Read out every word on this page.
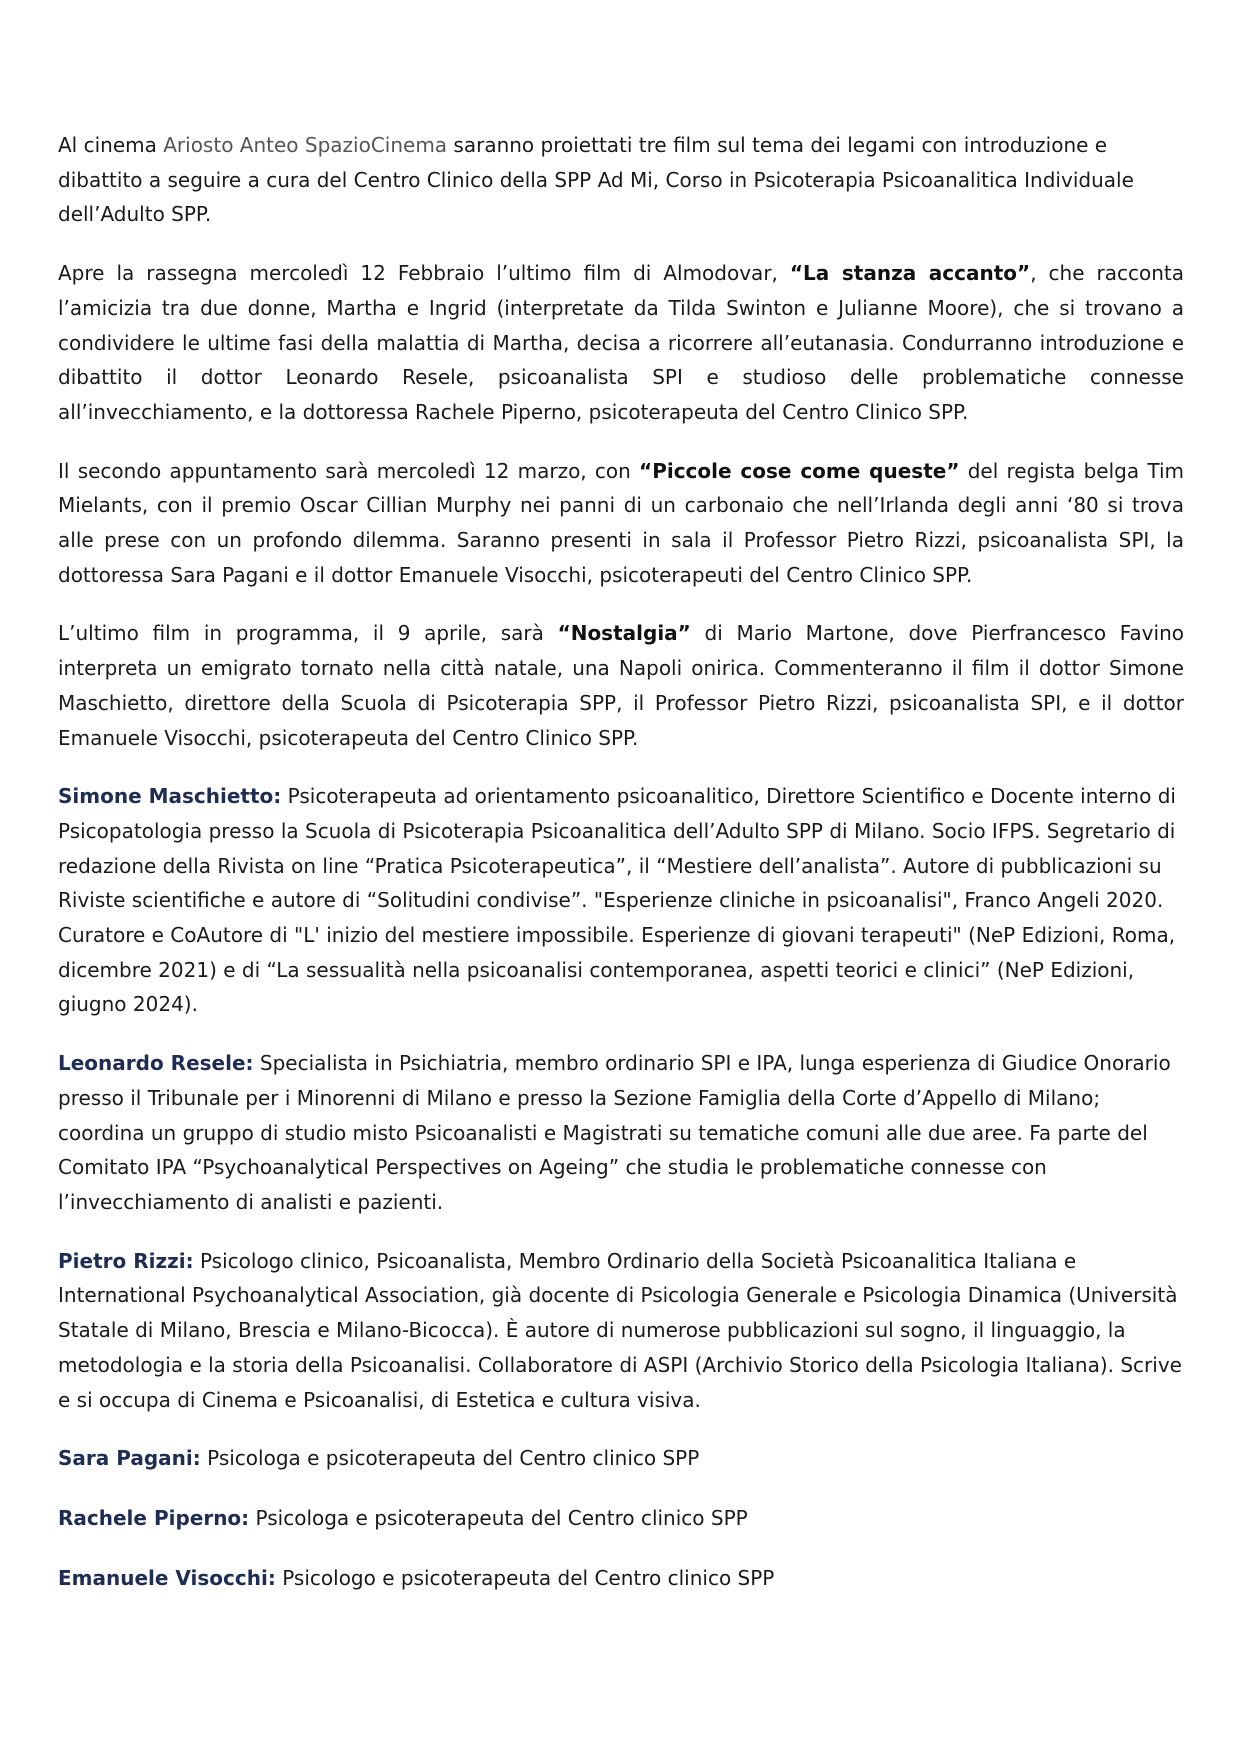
Al cinema Ariosto Anteo SpazioCinema saranno proiettati tre film sul tema dei legami con introduzione e dibattito a seguire a cura del Centro Clinico della SPP Ad Mi, Corso in Psicoterapia Psicoanalitica Individuale dell’Adulto SPP.

Apre la rassegna mercoledì 12 Febbraio l’ultimo film di Almodovar, “La stanza accanto”, che racconta l’amicizia tra due donne, Martha e Ingrid (interpretate da Tilda Swinton e Julianne Moore), che si trovano a condividere le ultime fasi della malattia di Martha, decisa a ricorrere all’eutanasia. Condurranno introduzione e dibattito il dottor Leonardo Resele, psicoanalista SPI e studioso delle problematiche connesse all’invecchiamento, e la dottoressa Rachele Piperno, psicoterapeuta del Centro Clinico SPP.

Il secondo appuntamento sarà mercoledì 12 marzo, con “Piccole cose come queste” del regista belga Tim Mielants, con il premio Oscar Cillian Murphy nei panni di un carbonaio che nell’Irlanda degli anni ‘80 si trova alle prese con un profondo dilemma. Saranno presenti in sala il Professor Pietro Rizzi, psicoanalista SPI, la dottoressa Sara Pagani e il dottor Emanuele Visocchi, psicoterapeuti del Centro Clinico SPP.

L’ultimo film in programma, il 9 aprile, sarà “Nostalgia” di Mario Martone, dove Pierfrancesco Favino interpreta un emigrato tornato nella città natale, una Napoli onirica. Commenteranno il film il dottor Simone Maschietto, direttore della Scuola di Psicoterapia SPP, il Professor Pietro Rizzi, psicoanalista SPI, e il dottor Emanuele Visocchi, psicoterapeuta del Centro Clinico SPP.

Simone Maschietto: Psicoterapeuta ad orientamento psicoanalitico, Direttore Scientifico e Docente interno di Psicopatologia presso la Scuola di Psicoterapia Psicoanalitica dell’Adulto SPP di Milano. Socio IFPS. Segretario di redazione della Rivista on line “Pratica Psicoterapeutica”, il “Mestiere dell’analista”. Autore di pubblicazioni su Riviste scientifiche e autore di “Solitudini condivise”. "Esperienze cliniche in psicoanalisi", Franco Angeli 2020. Curatore e CoAutore di "L' inizio del mestiere impossibile. Esperienze di giovani terapeuti" (NeP Edizioni, Roma, dicembre 2021) e di “La sessualità nella psicoanalisi contemporanea, aspetti teorici e clinici” (NeP Edizioni, giugno 2024).

Leonardo Resele: Specialista in Psichiatria, membro ordinario SPI e IPA, lunga esperienza di Giudice Onorario presso il Tribunale per i Minorenni di Milano e presso la Sezione Famiglia della Corte d’Appello di Milano; coordina un gruppo di studio misto Psicoanalisti e Magistrati su tematiche comuni alle due aree. Fa parte del Comitato IPA “Psychoanalytical Perspectives on Ageing” che studia le problematiche connesse con l’invecchiamento di analisti e pazienti.

Pietro Rizzi: Psicologo clinico, Psicoanalista, Membro Ordinario della Società Psicoanalitica Italiana e International Psychoanalytical Association, già docente di Psicologia Generale e Psicologia Dinamica (Università Statale di Milano, Brescia e Milano-Bicocca). È autore di numerose pubblicazioni sul sogno, il linguaggio, la metodologia e la storia della Psicoanalisi. Collaboratore di ASPI (Archivio Storico della Psicologia Italiana). Scrive e si occupa di Cinema e Psicoanalisi, di Estetica e cultura visiva.

Sara Pagani: Psicologa e psicoterapeuta del Centro clinico SPP

Rachele Piperno: Psicologa e psicoterapeuta del Centro clinico SPP

Emanuele Visocchi: Psicologo e psicoterapeuta del Centro clinico SPP
